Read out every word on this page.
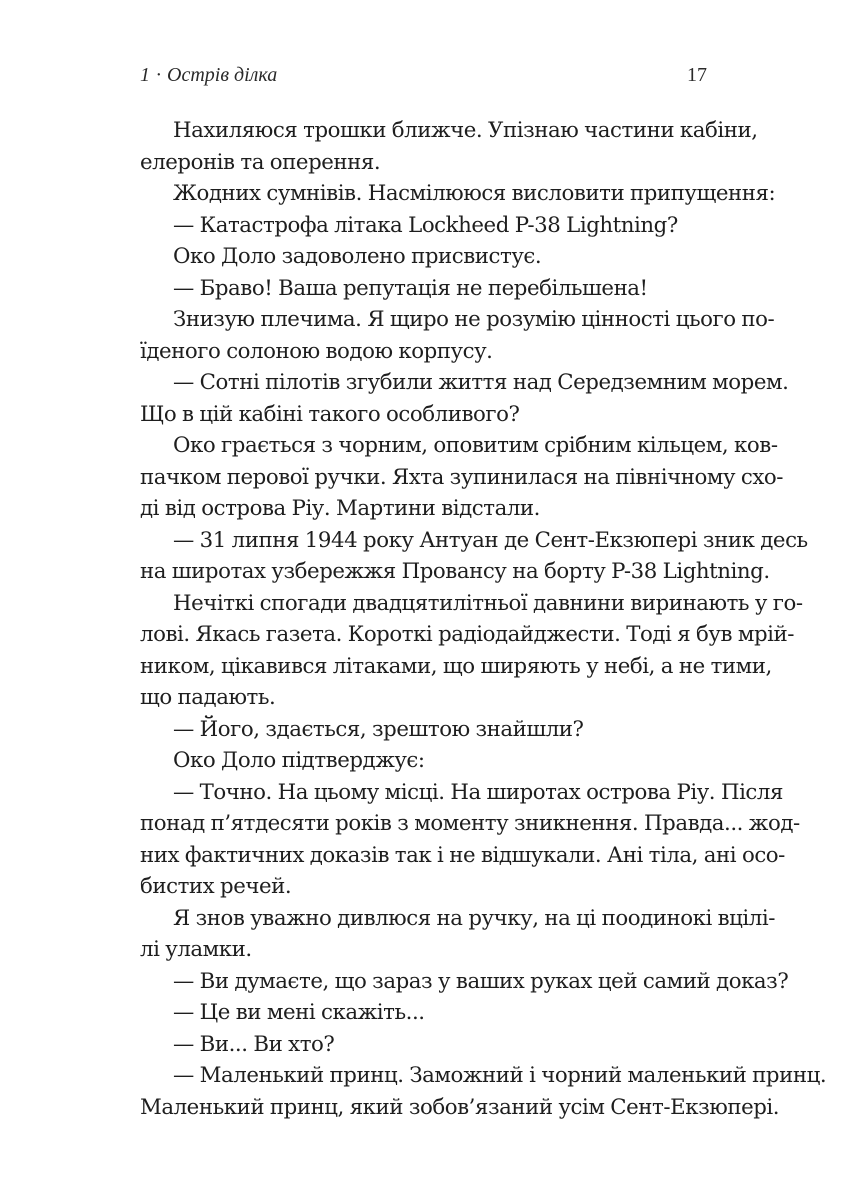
1 · Острів ділка	17
Нахиляюся трошки ближче. Упізнаю частини кабіни,
елеронів та оперення.
Жодних сумнівів. Насмілююся висловити припущення:
— Катастрофа літака Lockheed P-38 Lightning?
Око Доло задоволено присвистує.
— Браво! Ваша репутація не перебільшена!
Знизую плечима. Я щиро не розумію цінності цього по-
їденого солоною водою корпусу.
— Сотні пілотів згубили життя над Середземним морем.
Що в цій кабіні такого особливого?
Око грається з чорним, оповитим срібним кільцем, ков-
пачком перової ручки. Яхта зупинилася на північному схо-
ді від острова Ріу. Мартини відстали.
— 31 липня 1944 року Антуан де Сент-Екзюпері зник десь
на широтах узбережжя Провансу на борту P-38 Lightning.
Нечіткі спогади двадцятилітньої давнини виринають у го-
лові. Якась газета. Короткі радіодайджести. Тоді я був мрій-
ником, цікавився літаками, що ширяють у небі, а не тими,
що падають.
— Його, здається, зрештою знайшли?
Око Доло підтверджує:
— Точно. На цьому місці. На широтах острова Ріу. Після
понад п’ятдесяти років з моменту зникнення. Правда... жод-
них фактичних доказів так і не відшукали. Ані тіла, ані осо-
бистих речей.
Я знов уважно дивлюся на ручку, на ці поодинокі вцілі-
лі уламки.
— Ви думаєте, що зараз у ваших руках цей самий доказ?
— Це ви мені скажіть...
— Ви... Ви хто?
— Маленький принц. Заможний і чорний маленький принц.
Маленький принц, який зобов’язаний усім Сент-Екзюпері.
